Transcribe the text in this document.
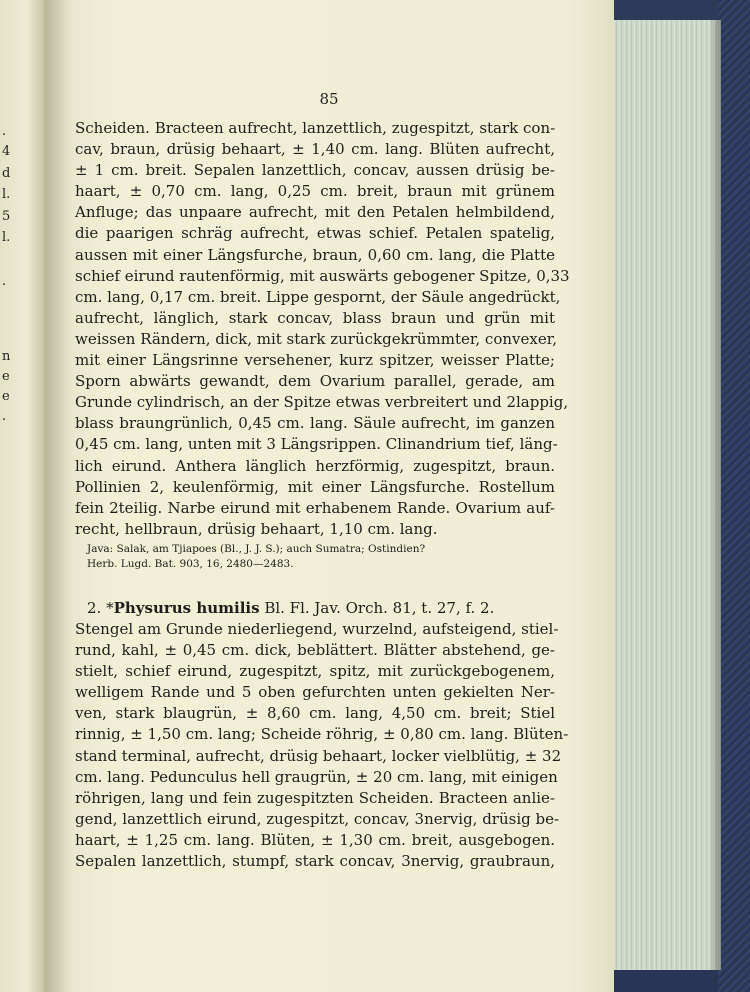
.
4
d
l.
5
l.
.
n
e
e
.
85
Scheiden. Bracteen aufrecht, lanzettlich, zugespitzt, stark con-
cav, braun, drüsig behaart, ± 1,40 cm. lang. Blüten aufrecht,
± 1 cm. breit. Sepalen lanzettlich, concav, aussen drüsig be-
haart, ± 0,70 cm. lang, 0,25 cm. breit, braun mit grünem
Anfluge; das unpaare aufrecht, mit den Petalen helmbildend,
die paarigen schräg aufrecht, etwas schief. Petalen spatelig,
aussen mit einer Längsfurche, braun, 0,60 cm. lang, die Platte
schief eirund rautenförmig, mit auswärts gebogener Spitze, 0,33
cm. lang, 0,17 cm. breit. Lippe gespornt, der Säule angedrückt,
aufrecht, länglich, stark concav, blass braun und grün mit
weissen Rändern, dick, mit stark zurückgekrümmter, convexer,
mit einer Längsrinne versehener, kurz spitzer, weisser Platte;
Sporn abwärts gewandt, dem Ovarium parallel, gerade, am
Grunde cylindrisch, an der Spitze etwas verbreitert und 2lappig,
blass braungrünlich, 0,45 cm. lang. Säule aufrecht, im ganzen
0,45 cm. lang, unten mit 3 Längsrippen. Clinandrium tief, läng-
lich eirund. Anthera länglich herzförmig, zugespitzt, braun.
Pollinien 2, keulenförmig, mit einer Längsfurche. Rostellum
fein 2teilig. Narbe eirund mit erhabenem Rande. Ovarium auf-
recht, hellbraun, drüsig behaart, 1,10 cm. lang.
Java: Salak, am Tjiapoes (Bl., J. J. S.); auch Sumatra; Ostindien?
Herb. Lugd. Bat. 903, 16, 2480—2483.
2. *Physurus humilis Bl. Fl. Jav. Orch. 81, t. 27, f. 2.
Stengel am Grunde niederliegend, wurzelnd, aufsteigend, stiel-
rund, kahl, ± 0,45 cm. dick, beblättert. Blätter abstehend, ge-
stielt, schief eirund, zugespitzt, spitz, mit zurückgebogenem,
welligem Rande und 5 oben gefurchten unten gekielten Ner-
ven, stark blaugrün, ± 8,60 cm. lang, 4,50 cm. breit; Stiel
rinnig, ± 1,50 cm. lang; Scheide röhrig, ± 0,80 cm. lang. Blüten-
stand terminal, aufrecht, drüsig behaart, locker vielblütig, ± 32
cm. lang. Pedunculus hell graugrün, ± 20 cm. lang, mit einigen
röhrigen, lang und fein zugespitzten Scheiden. Bracteen anlie-
gend, lanzettlich eirund, zugespitzt, concav, 3nervig, drüsig be-
haart, ± 1,25 cm. lang. Blüten, ± 1,30 cm. breit, ausgebogen.
Sepalen lanzettlich, stumpf, stark concav, 3nervig, graubraun,
